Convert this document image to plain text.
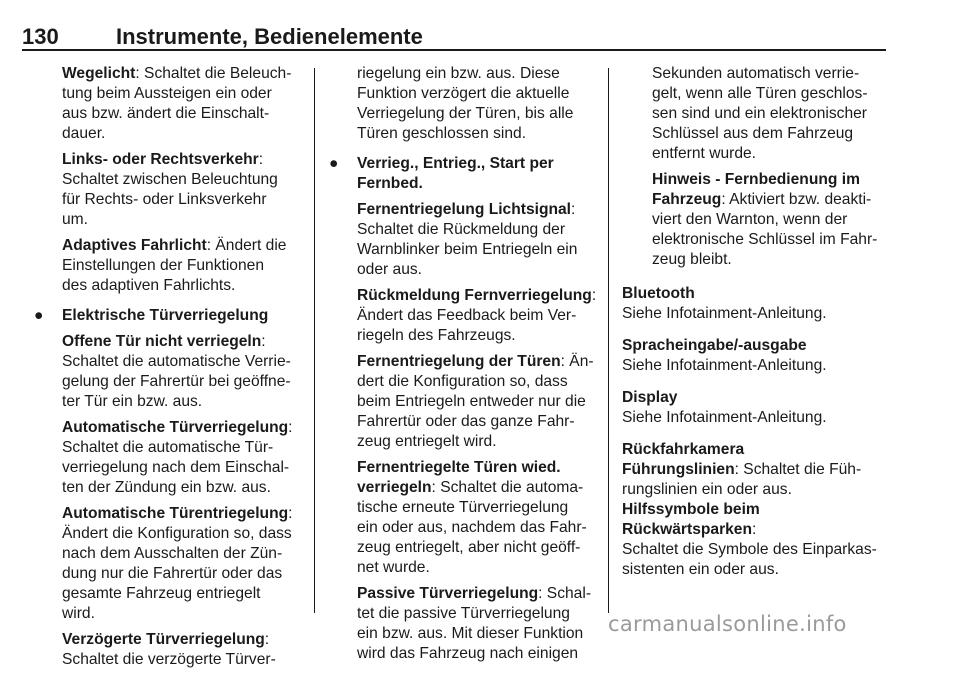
130	Instrumente, Bedienelemente

Wegelicht: Schaltet die Beleuch-
tung beim Aussteigen ein oder
aus bzw. ändert die Einschalt-
dauer.

Links- oder Rechtsverkehr:
Schaltet zwischen Beleuchtung
für Rechts- oder Linksverkehr
um.

Adaptives Fahrlicht: Ändert die
Einstellungen der Funktionen
des adaptiven Fahrlichts.

● Elektrische Türverriegelung

Offene Tür nicht verriegeln:
Schaltet die automatische Verrie-
gelung der Fahrertür bei geöffne-
ter Tür ein bzw. aus.

Automatische Türverriegelung:
Schaltet die automatische Tür-
verriegelung nach dem Einschal-
ten der Zündung ein bzw. aus.

Automatische Türentriegelung:
Ändert die Konfiguration so, dass
nach dem Ausschalten der Zün-
dung nur die Fahrertür oder das
gesamte Fahrzeug entriegelt
wird.

Verzögerte Türverriegelung:
Schaltet die verzögerte Türver-

riegelung ein bzw. aus. Diese
Funktion verzögert die aktuelle
Verriegelung der Türen, bis alle
Türen geschlossen sind.

● Verrieg., Entrieg., Start per
Fernbed.

Fernentriegelung Lichtsignal:
Schaltet die Rückmeldung der
Warnblinker beim Entriegeln ein
oder aus.

Rückmeldung Fernverriegelung:
Ändert das Feedback beim Ver-
riegeln des Fahrzeugs.

Fernentriegelung der Türen: Än-
dert die Konfiguration so, dass
beim Entriegeln entweder nur die
Fahrertür oder das ganze Fahr-
zeug entriegelt wird.

Fernentriegelte Türen wied.
verriegeln: Schaltet die automa-
tische erneute Türverriegelung
ein oder aus, nachdem das Fahr-
zeug entriegelt, aber nicht geöff-
net wurde.

Passive Türverriegelung: Schal-
tet die passive Türverriegelung
ein bzw. aus. Mit dieser Funktion
wird das Fahrzeug nach einigen

Sekunden automatisch verrie-
gelt, wenn alle Türen geschlos-
sen sind und ein elektronischer
Schlüssel aus dem Fahrzeug
entfernt wurde.

Hinweis - Fernbedienung im
Fahrzeug: Aktiviert bzw. deakti-
viert den Warnton, wenn der
elektronische Schlüssel im Fahr-
zeug bleibt.

Bluetooth

Siehe Infotainment-Anleitung.

Spracheingabe/-ausgabe

Siehe Infotainment-Anleitung.

Display

Siehe Infotainment-Anleitung.

Rückfahrkamera

Führungslinien: Schaltet die Füh-
rungslinien ein oder aus.

Hilfssymbole beim Rückwärtsparken:
Schaltet die Symbole des Einparkas-
sistenten ein oder aus.

carmanualsonline.info
